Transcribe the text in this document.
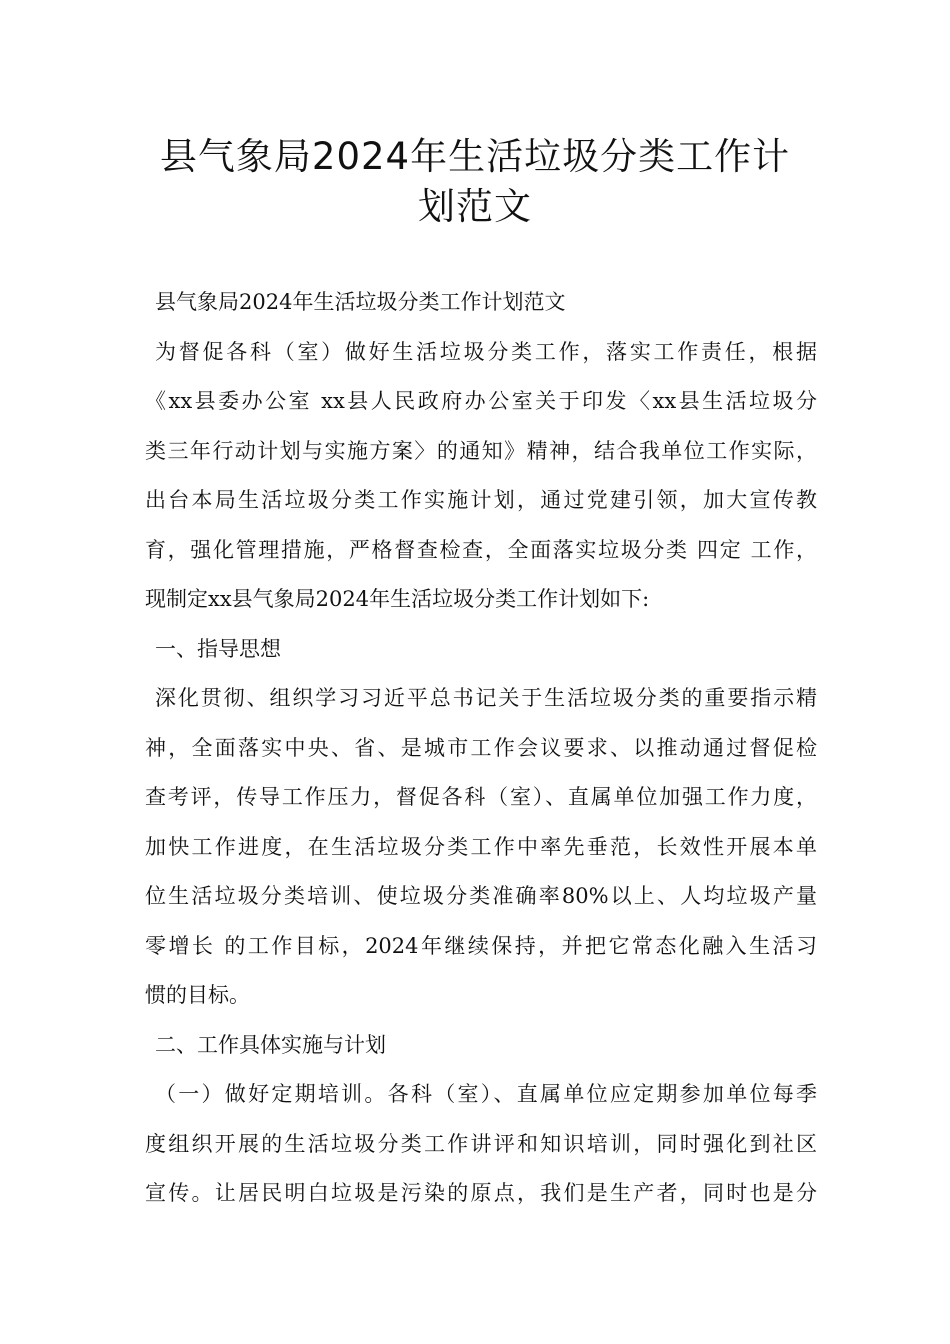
县气象局2024年生活垃圾分类工作计
划范文
县气象局2024年生活垃圾分类工作计划范文
为督促各科（室）做好生活垃圾分类工作，落实工作责任，根据
《xx县委办公室 xx县人民政府办公室关于印发〈xx县生活垃圾分
类三年行动计划与实施方案〉的通知》精神，结合我单位工作实际，
出台本局生活垃圾分类工作实施计划，通过党建引领，加大宣传教
育，强化管理措施，严格督查检查，全面落实垃圾分类 四定 工作，
现制定xx县气象局2024年生活垃圾分类工作计划如下:
一、指导思想
深化贯彻、组织学习习近平总书记关于生活垃圾分类的重要指示精
神，全面落实中央、省、是城市工作会议要求、以推动通过督促检
查考评，传导工作压力，督促各科（室）、直属单位加强工作力度，
加快工作进度，在生活垃圾分类工作中率先垂范，长效性开展本单
位生活垃圾分类培训、使垃圾分类准确率80%以上、人均垃圾产量
零增长 的工作目标，2024年继续保持，并把它常态化融入生活习
惯的目标。
二、工作具体实施与计划
（一）做好定期培训。各科（室）、直属单位应定期参加单位每季
度组织开展的生活垃圾分类工作讲评和知识培训，同时强化到社区
宣传。让居民明白垃圾是污染的原点，我们是生产者，同时也是分
